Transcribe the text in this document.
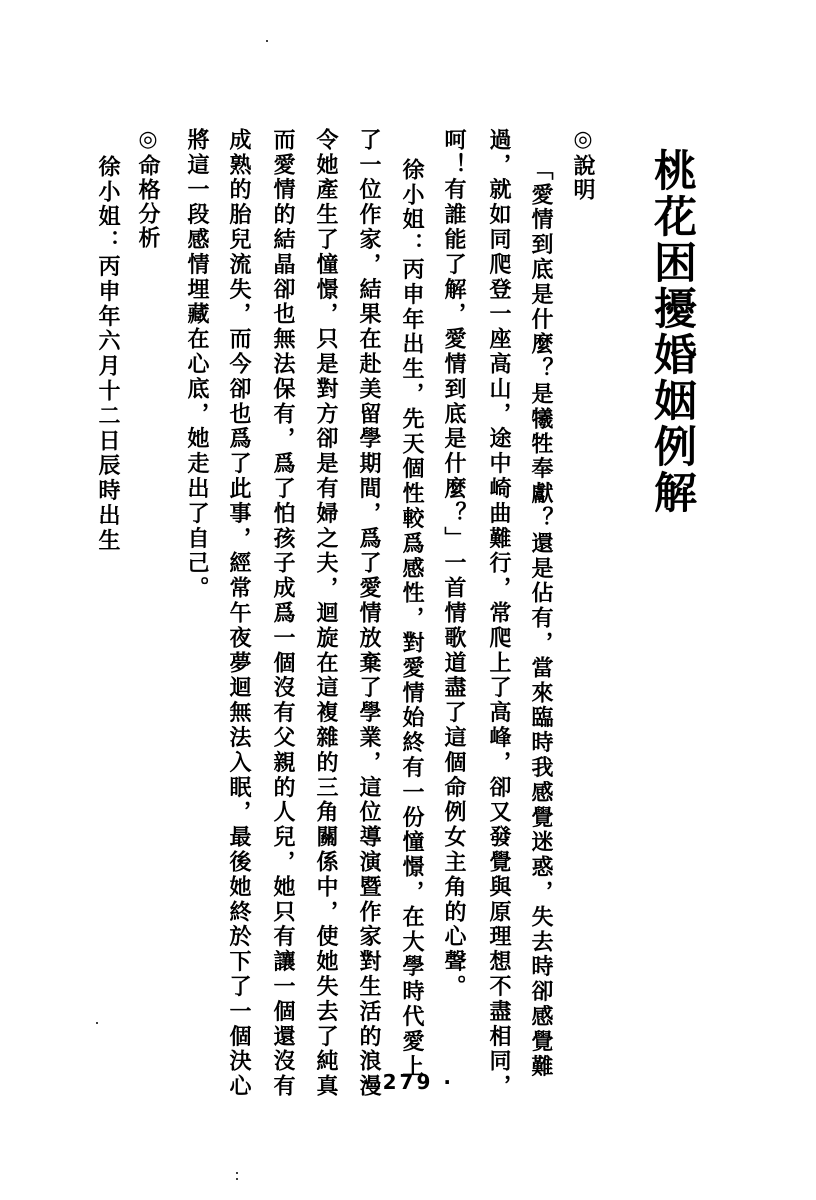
桃花困擾婚姻例解
◎說明
「愛情到底是什麼？是犧牲奉獻？還是佔有，當來臨時我感覺迷惑，失去時卻感覺難
過，就如同爬登一座高山，途中崎曲難行，常爬上了高峰，卻又發覺與原理想不盡相同，
呵！有誰能了解，愛情到底是什麼？」一首情歌道盡了這個命例女主角的心聲。
徐小姐：丙申年出生，先天個性較爲感性，對愛情始終有一份憧憬，在大學時代愛上
了一位作家，結果在赴美留學期間，爲了愛情放棄了學業，這位導演暨作家對生活的浪漫
令她產生了憧憬，只是對方卻是有婦之夫，迴旋在這複雜的三角關係中，使她失去了純真
而愛情的結晶卻也無法保有，爲了怕孩子成爲一個沒有父親的人兒，她只有讓一個還沒有
成熟的胎兒流失，而今卻也爲了此事，經常午夜夢迴無法入眠，最後她終於下了一個決心
將這一段感情埋藏在心底，她走出了自己。
◎命格分析
徐小姐：丙申年六月十二日辰時出生
· 279 ·
